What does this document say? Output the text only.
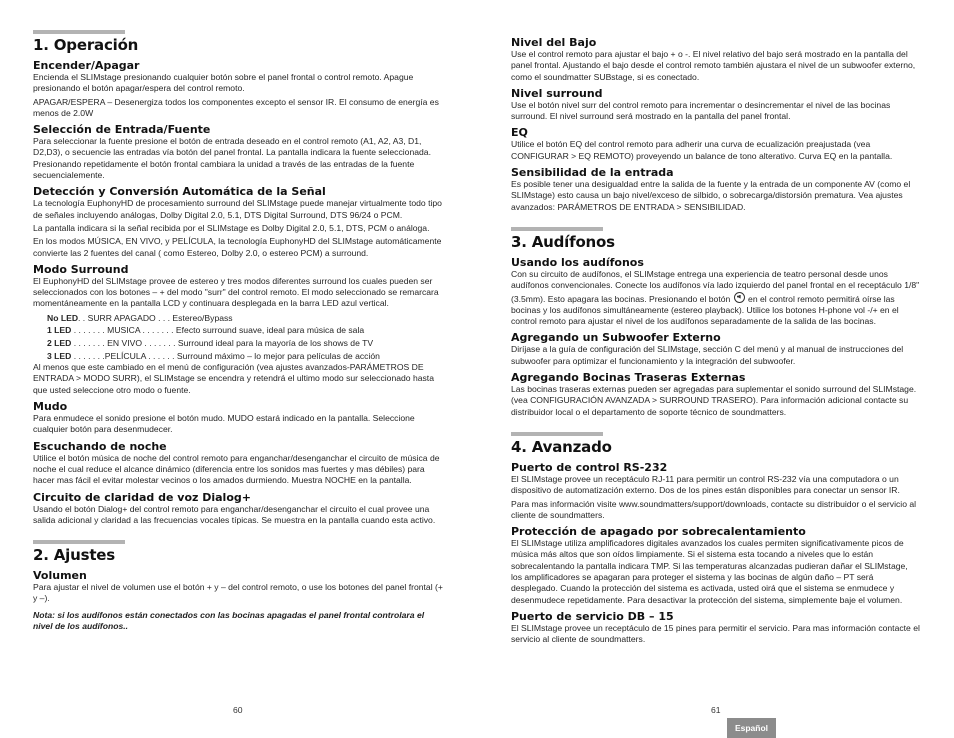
1. Operación
Encender/Apagar

Encienda el SLIMstage presionando cualquier botón sobre el panel frontal o control remoto. Apague presionando el botón apagar/espera del control remoto.

APAGAR/ESPERA – Desenergiza todos los componentes excepto el sensor IR. El consumo de energía es menos de 2.0W

Selección de Entrada/Fuente

Para seleccionar la fuente presione el botón de entrada deseado en el control remoto (A1, A2, A3, D1, D2,D3), o secuencie las entradas vía botón del panel frontal. La pantalla indicara la fuente seleccionada. Presionando repetidamente el botón frontal cambiara la unidad a través de las entradas de la fuente secuencialemente.

Detección y Conversión Automática de la Señal

La tecnología EuphonyHD de procesamiento surround del SLIMstage puede manejar virtualmente todo tipo de señales incluyendo análogas, Dolby Digital 2.0, 5.1, DTS Digital Surround, DTS 96/24 o PCM.

La pantalla indicara si la señal recibida por el SLIMstage es Dolby Digital 2.0, 5.1, DTS, PCM o análoga.

En los modos MÚSICA, EN VIVO, y PELÍCULA, la tecnología EuphonyHD del SLIMstage automáticamente convierte las 2 fuentes del canal ( como Estereo, Dolby 2.0, o estereo PCM) a surround.

Modo Surround

El EuphonyHD del SLIMstage provee de estereo y tres modos diferentes surround los cuales pueden ser seleccionados con los botones – + del modo "surr" del control remoto. El modo seleccionado se remarcara momentáneamente en la pantalla LCD y continuara desplegada en la barra LED azul vertical.

No LED. . SURR APAGADO . . . Estereo/Bypass
1 LED . . . . . . . MUSICA . . . . . . . Efecto surround suave, ideal para música de sala
2 LED . . . . . . . EN VIVO . . . . . . . Surround ideal para la mayoría de los shows de TV
3 LED . . . . . . .PELÍCULA . . . . . . Surround máximo – lo mejor para películas de acción

Al menos que este cambiado en el menú de configuración (vea ajustes avanzados-PARÁMETROS DE ENTRADA > MODO SURR), el SLIMstage se encendra y retendrá el ultimo modo sur seleccionado hasta que usted seleccione otro modo o fuente.

Mudo

Para enmudece el sonido presione el botón mudo. MUDO estará indicado en la pantalla. Seleccione cualquier botón para desenmudecer.

Escuchando de noche

Utilice el botón música de noche del control remoto para enganchar/desenganchar el circuito de música de noche el cual reduce el alcance dinámico (diferencia entre los sonidos mas fuertes y mas débiles) para hacer mas fácil el evitar molestar vecinos o los amados durmiendo. Muestra NOCHE en la pantalla.

Circuito de claridad de voz Dialog+

Usando el botón Dialog+ del control remoto para enganchar/desenganchar el circuito el cual provee una salida adicional y claridad a las frecuencias vocales típicas. Se muestra en la pantalla cuando esta activo.

2. Ajustes
Volumen

Para ajustar el nivel de volumen use el botón + y – del control remoto, o use los botones del panel frontal (+ y –).

Nota: si los audífonos están conectados con las bocinas apagadas el panel frontal controlara el nivel de los audífonos..

Nivel del Bajo

Use el control remoto para ajustar el bajo + o -. El nivel relativo del bajo será mostrado en la pantalla del panel frontal. Ajustando el bajo desde el control remoto también ajustara el nivel de un subwoofer externo, como el soundmatter SUBstage, si es conectado.

Nivel surround

Use el botón nivel surr del control remoto para incrementar o desincrementar el nivel de las bocinas surround. El nivel surround será mostrado en la pantalla del panel frontal.

EQ

Utilice el botón EQ del control remoto para adherir una curva de ecualización preajustada (vea CONFIGURAR > EQ REMOTO) proveyendo un balance de tono alterativo. Curva EQ en la pantalla.

Sensibilidad de la entrada

Es posible tener una desigualdad entre la salida de la fuente y la entrada de un componente AV (como el SLIMstage) esto causa un bajo nivel/exceso de silbido, o sobrecarga/distorsión prematura. Vea ajustes avanzados: PARÁMETROS DE ENTRADA > SENSIBILIDAD.

3. Audífonos
Usando los audífonos

Con su circuito de audífonos, el SLIMstage entrega una experiencia de teatro personal desde unos audífonos convencionales. Conecte los audífonos vía lado izquierdo del panel frontal en el receptáculo 1/8" (3.5mm). Esto apagara las bocinas. Presionando el botón  en el control remoto permitirá oírse las bocinas y los audífonos simultáneamente (estereo playback). Utilice los botones H-phone vol -/+ en el control remoto para ajustar el nivel de los audífonos separadamente de la salida de las bocinas.

Agregando un Subwoofer Externo

Diríjase a la guía de configuración del SLIMstage, sección C del menú y al manual de instrucciones del subwoofer para optimizar el funcionamiento y la integración del subwoofer.

Agregando Bocinas Traseras Externas

Las bocinas traseras externas pueden ser agregadas para suplementar el sonido surround del SLIMstage. (vea CONFIGURACIÓN AVANZADA > SURROUND TRASERO). Para información adicional contacte su distribuidor local o el departamento de soporte técnico de soundmatters.

4. Avanzado
Puerto de control RS-232

El SLIMstage provee un receptáculo RJ-11 para permitir un control RS-232 vía una computadora o un dispositivo de automatización externo. Dos de los pines están disponibles para conectar un sensor IR.

Para mas información visite www.soundmatters/support/downloads, contacte su distribuidor o el servicio al cliente de soundmatters.

Protección de apagado por sobrecalentamiento

El SLIMstage utiliza amplificadores digitales avanzados los cuales permiten significativamente picos de música más altos que son oídos limpiamente. Si el sistema esta tocando a niveles que lo están sobrecalentando la pantalla indicara TMP. Si las temperaturas alcanzadas pudieran dañar el SLIMstage, los amplificadores se apagaran para proteger el sistema y las bocinas de algún daño – PT será desplegado. Cuando la protección del sistema es activada, usted oirá que el sistema se enmudece y desenmudece repetidamente. Para desactivar la protección del sistema, simplemente baje el volumen.

Puerto de servicio DB – 15

El SLIMstage provee un receptáculo de 15 pines para permitir el servicio. Para mas información contacte el servicio al cliente de soundmatters.

60	61
Español
